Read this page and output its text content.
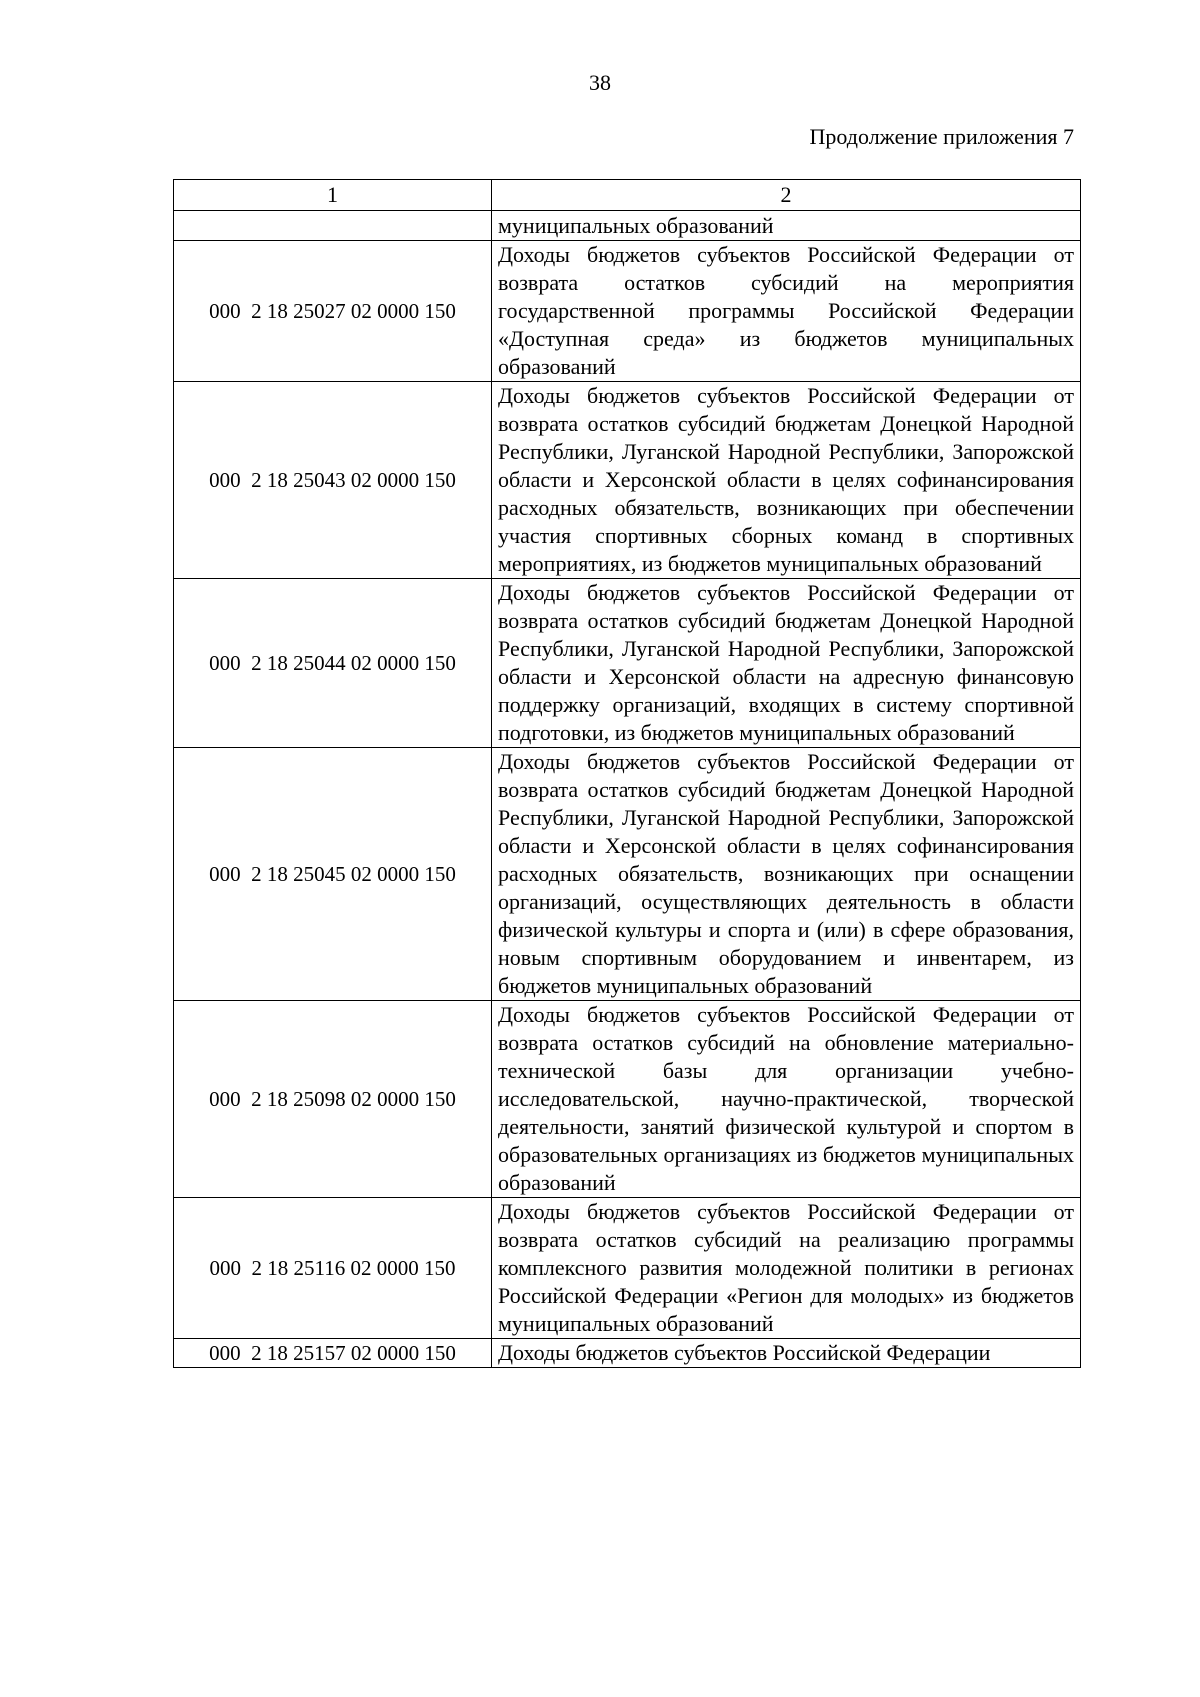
38
Продолжение приложения 7
1	2
	муниципальных образований
000  2 18 25027 02 0000 150	Доходы бюджетов субъектов Российской Федерации от возврата остатков субсидий на мероприятия государственной программы Российской Федерации «Доступная среда» из бюджетов муниципальных образований
000  2 18 25043 02 0000 150	Доходы бюджетов субъектов Российской Федерации от возврата остатков субсидий бюджетам Донецкой Народной Республики, Луганской Народной Республики, Запорожской области и Херсонской области в целях софинансирования расходных обязательств, возникающих при обеспечении участия спортивных сборных команд в спортивных мероприятиях, из бюджетов муниципальных образований
000  2 18 25044 02 0000 150	Доходы бюджетов субъектов Российской Федерации от возврата остатков субсидий бюджетам Донецкой Народной Республики, Луганской Народной Республики, Запорожской области и Херсонской области на адресную финансовую поддержку организаций, входящих в систему спортивной подготовки, из бюджетов муниципальных образований
000  2 18 25045 02 0000 150	Доходы бюджетов субъектов Российской Федерации от возврата остатков субсидий бюджетам Донецкой Народной Республики, Луганской Народной Республики, Запорожской области и Херсонской области в целях софинансирования расходных обязательств, возникающих при оснащении организаций, осуществляющих деятельность в области физической культуры и спорта и (или) в сфере образования, новым спортивным оборудованием и инвентарем, из бюджетов муниципальных образований
000  2 18 25098 02 0000 150	Доходы бюджетов субъектов Российской Федерации от возврата остатков субсидий на обновление материально-технической базы для организации учебно-исследовательской, научно-практической, творческой деятельности, занятий физической культурой и спортом в образовательных организациях из бюджетов муниципальных образований
000  2 18 25116 02 0000 150	Доходы бюджетов субъектов Российской Федерации от возврата остатков субсидий на реализацию программы комплексного развития молодежной политики в регионах Российской Федерации «Регион для молодых» из бюджетов муниципальных образований
000  2 18 25157 02 0000 150	Доходы бюджетов субъектов Российской Федерации
